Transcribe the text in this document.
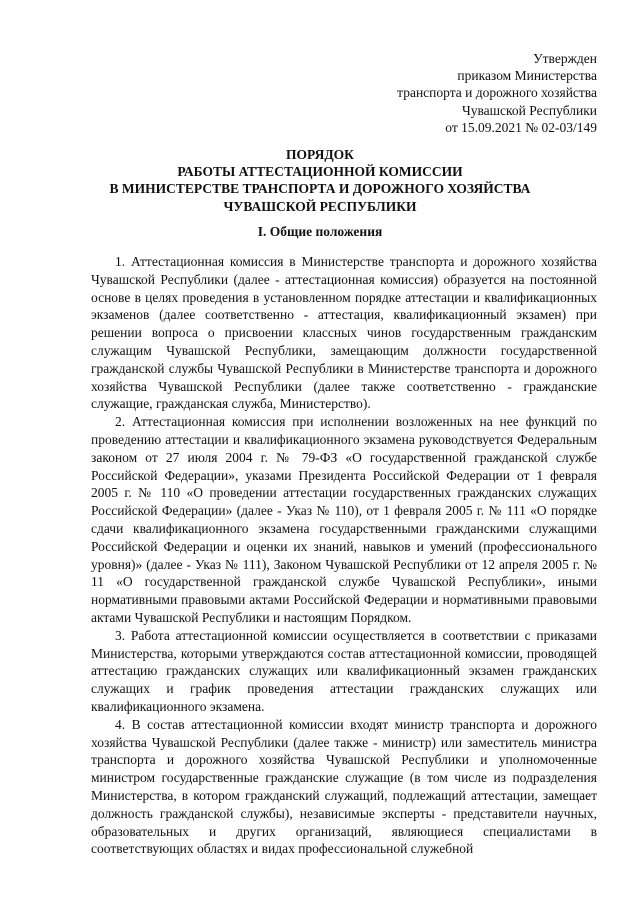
Утвержден
приказом Министерства
транспорта и дорожного хозяйства
Чувашской Республики
от 15.09.2021 № 02-03/149
ПОРЯДОК
РАБОТЫ АТТЕСТАЦИОННОЙ КОМИССИИ
В МИНИСТЕРСТВЕ ТРАНСПОРТА И ДОРОЖНОГО ХОЗЯЙСТВА
ЧУВАШСКОЙ РЕСПУБЛИКИ
I. Общие положения

1. Аттестационная комиссия в Министерстве транспорта и дорожного хозяйства Чувашской Республики (далее - аттестационная комиссия) образуется на постоянной основе в целях проведения в установленном порядке аттестации и квалификационных экзаменов (далее соответственно - аттестация, квалификационный экзамен) при решении вопроса о присвоении классных чинов государственным гражданским служащим Чувашской Республики, замещающим должности государственной гражданской службы Чувашской Республики в Министерстве транспорта и дорожного хозяйства Чувашской Республики (далее также соответственно - гражданские служащие, гражданская служба, Министерство).

2. Аттестационная комиссия при исполнении возложенных на нее функций по проведению аттестации и квалификационного экзамена руководствуется Федеральным законом от 27 июля 2004 г. № 79-ФЗ «О государственной гражданской службе Российской Федерации», указами Президента Российской Федерации от 1 февраля 2005 г. № 110 «О проведении аттестации государственных гражданских служащих Российской Федерации» (далее - Указ № 110), от 1 февраля 2005 г. № 111 «О порядке сдачи квалификационного экзамена государственными гражданскими служащими Российской Федерации и оценки их знаний, навыков и умений (профессионального уровня)» (далее - Указ № 111), Законом Чувашской Республики от 12 апреля 2005 г. № 11 «О государственной гражданской службе Чувашской Республики», иными нормативными правовыми актами Российской Федерации и нормативными правовыми актами Чувашской Республики и настоящим Порядком.

3. Работа аттестационной комиссии осуществляется в соответствии с приказами Министерства, которыми утверждаются состав аттестационной комиссии, проводящей аттестацию гражданских служащих или квалификационный экзамен гражданских служащих и график проведения аттестации гражданских служащих или квалификационного экзамена.

4. В состав аттестационной комиссии входят министр транспорта и дорожного хозяйства Чувашской Республики (далее также - министр) или заместитель министра транспорта и дорожного хозяйства Чувашской Республики и уполномоченные министром государственные гражданские служащие (в том числе из подразделения Министерства, в котором гражданский служащий, подлежащий аттестации, замещает должность гражданской службы), независимые эксперты - представители научных, образовательных и других организаций, являющиеся специалистами в соответствующих областях и видах профессиональной служебной
